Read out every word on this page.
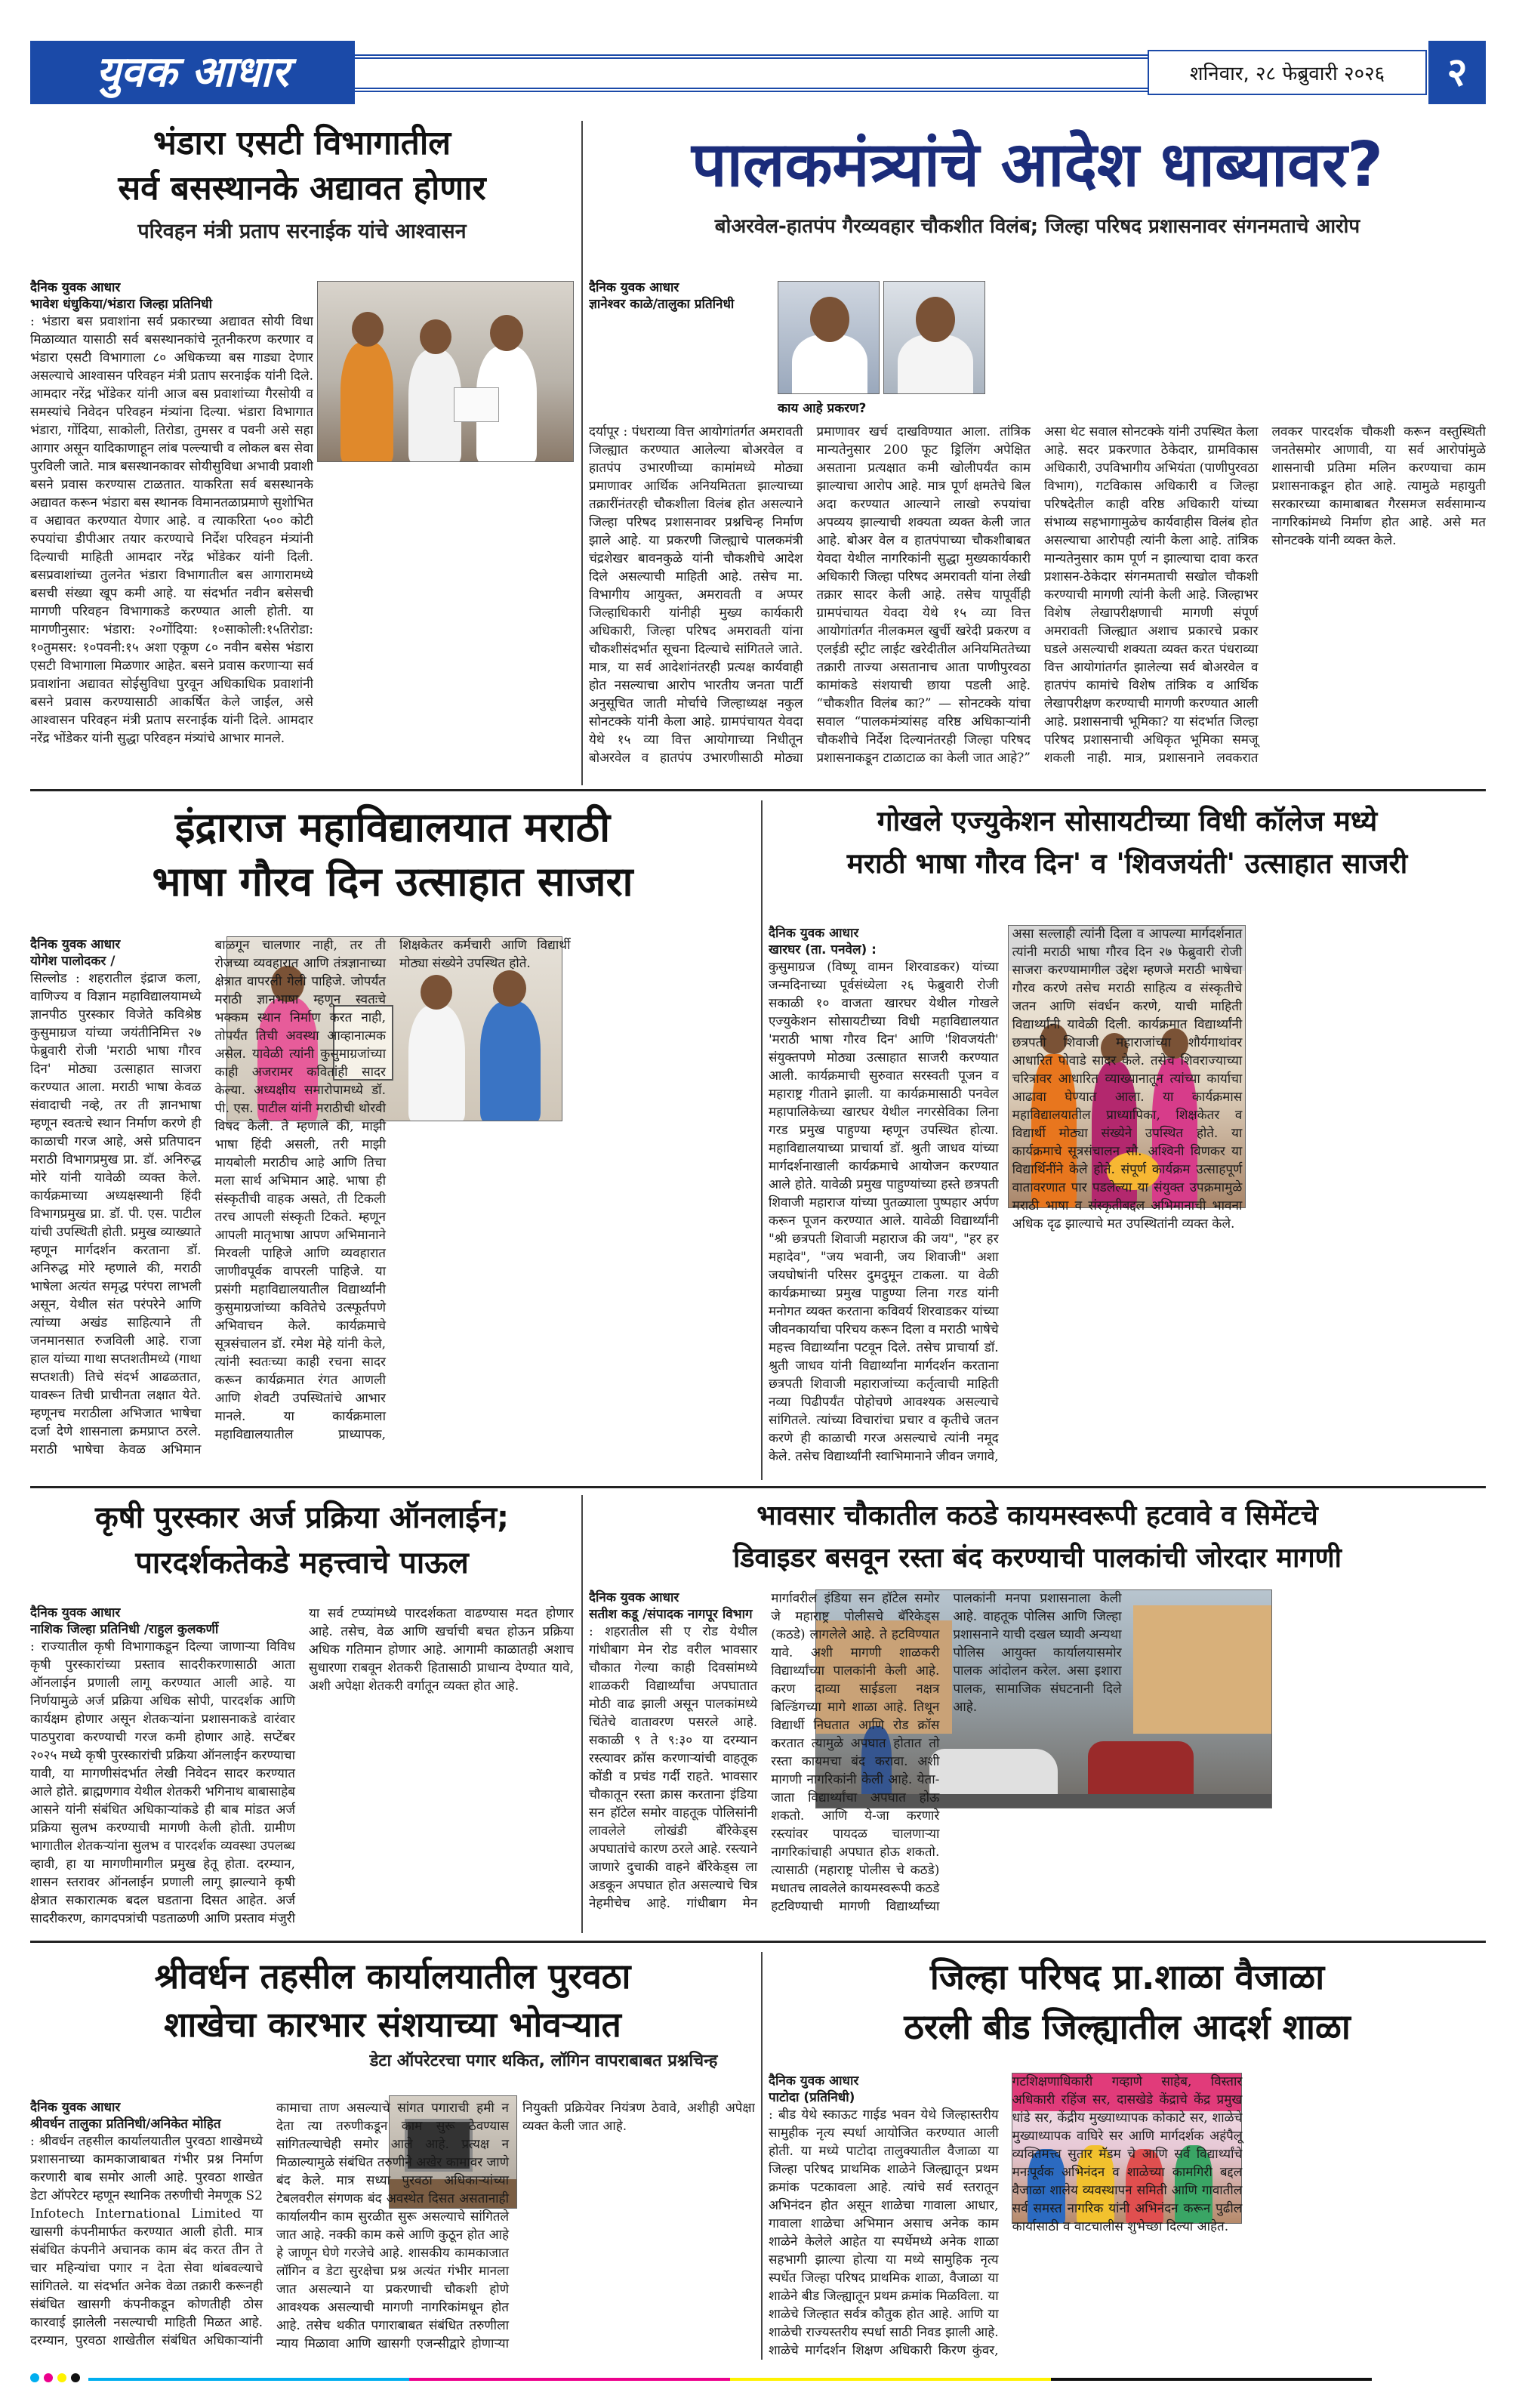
युवक आधार	शनिवार, २८ फेब्रुवारी २०२६	२
भंडारा एसटी विभागातील
सर्व बसस्थानके अद्यावत होणार
परिवहन मंत्री प्रताप सरनाईक यांचे आश्वासन
दैनिक युवक आधार
भावेश धंधुकिया/भंडारा जिल्हा प्रतिनिधी
: भंडारा बस प्रवाशांना सर्व प्रकारच्या अद्यावत सोयी विधा मिळाव्यात यासाठी सर्व बसस्थानकांचे नूतनीकरण करणार व भंडारा एसटी विभागाला ८० अधिकच्या बस गाड्या देणार असल्याचे आश्वासन परिवहन मंत्री प्रताप सरनाईक यांनी दिले. आमदार नरेंद्र भोंडेकर यांनी आज बस प्रवाशांच्या गैरसोयी व समस्यांचे निवेदन परिवहन मंत्र्यांना दिल्या. भंडारा विभागात भंडारा, गोंदिया, साकोली, तिरोडा, तुमसर व पवनी असे सहा आगार असून यादिकाणाहून लांब पल्ल्याची व लोकल बस सेवा पुरविली जाते. मात्र बसस्थानकावर सोयीसुविधा अभावी प्रवाशी बसने प्रवास करण्यास टाळतात. याकरिता सर्व बसस्थानके अद्यावत करून भंडारा बस स्थानक विमानतळाप्रमाणे सुशोभित व अद्यावत करण्यात येणार आहे. व त्याकरिता ५०० कोटी रुपयांचा डीपीआर तयार करण्याचे निर्देश परिवहन मंत्र्यांनी दिल्याची माहिती आमदार नरेंद्र भोंडेकर यांनी दिली. बसप्रवाशांच्या तुलनेत भंडारा विभागातील बस आगारामध्ये बसची संख्या खूप कमी आहे. या संदर्भात नवीन बसेसची मागणी परिवहन विभागाकडे करण्यात आली होती. या मागणीनुसार: भंडारा: २०गोंदिया: १०साकोली:१५तिरोडा: १०तुमसर: १०पवनी:१५ अशा एकूण ८० नवीन बसेस भंडारा एसटी विभागाला मिळणार आहेत. बसने प्रवास करणाऱ्या सर्व प्रवाशांना अद्यावत सोईसुविधा पुरवून अधिकाधिक प्रवाशांनी बसने प्रवास करण्यासाठी आकर्षित केले जाईल, असे आश्वासन परिवहन मंत्री प्रताप सरनाईक यांनी दिले. आमदार नरेंद्र भोंडेकर यांनी सुद्धा परिवहन मंत्र्यांचे आभार मानले.
पालकमंत्र्यांचे आदेश धाब्यावर?
बोअरवेल-हातपंप गैरव्यवहार चौकशीत विलंब; जिल्हा परिषद प्रशासनावर संगनमताचे आरोप
दैनिक युवक आधार
ज्ञानेश्वर काळे/तालुका प्रतिनिधी
काय आहे प्रकरण?
दर्यापूर : पंधराव्या वित्त आयोगांतर्गत अमरावती जिल्ह्यात करण्यात आलेल्या बोअरवेल व हातपंप उभारणीच्या कामांमध्ये मोठ्या प्रमाणावर आर्थिक अनियमितता झाल्याच्या तक्रारींनंतरही चौकशीला विलंब होत असल्याने जिल्हा परिषद प्रशासनावर प्रश्नचिन्ह निर्माण झाले आहे. या प्रकरणी जिल्ह्याचे पालकमंत्री चंद्रशेखर बावनकुळे यांनी चौकशीचे आदेश दिले असल्याची माहिती आहे. तसेच मा. विभागीय आयुक्त, अमरावती व अप्पर जिल्हाधिकारी यांनीही मुख्य कार्यकारी अधिकारी, जिल्हा परिषद अमरावती यांना चौकशीसंदर्भात सूचना दिल्याचे सांगितले जाते. मात्र, या सर्व आदेशांनंतरही प्रत्यक्ष कार्यवाही होत नसल्याचा आरोप भारतीय जनता पार्टी अनुसूचित जाती मोर्चाचे जिल्हाध्यक्ष नकुल सोनटक्के यांनी केला आहे. ग्रामपंचायत येवदा येथे १५ व्या वित्त आयोगाच्या निधीतून बोअरवेल व हातपंप उभारणीसाठी मोठ्या प्रमाणावर खर्च दाखविण्यात आला. तांत्रिक मान्यतेनुसार 200 फूट ड्रिलिंग अपेक्षित असताना प्रत्यक्षात कमी खोलीपर्यंत काम झाल्याचा आरोप आहे. मात्र पूर्ण क्षमतेचे बिल अदा करण्यात आल्याने लाखो रुपयांचा अपव्यय झाल्याची शक्यता व्यक्त केली जात आहे. बोअर वेल व हातपंपाच्या चौकशीबाबत येवदा येथील नागरिकांनी सुद्धा मुख्यकार्यकारी अधिकारी जिल्हा परिषद अमरावती यांना लेखी तक्रार सादर केली आहे. तसेच यापूर्वीही ग्रामपंचायत येवदा येथे १५ व्या वित्त आयोगांतर्गत नीलकमल खुर्ची खरेदी प्रकरण व एलईडी स्ट्रीट लाईट खरेदीतील अनियमिततेच्या तक्रारी ताज्या असतानाच आता पाणीपुरवठा कामांकडे संशयाची छाया पडली आहे. “चौकशीत विलंब का?” — सोनटक्के यांचा सवाल “पालकमंत्र्यांसह वरिष्ठ अधिकाऱ्यांनी चौकशीचे निर्देश दिल्यानंतरही जिल्हा परिषद प्रशासनाकडून टाळाटाळ का केली जात आहे?” असा थेट सवाल सोनटक्के यांनी उपस्थित केला आहे. सदर प्रकरणात ठेकेदार, ग्रामविकास अधिकारी, उपविभागीय अभियंता (पाणीपुरवठा विभाग), गटविकास अधिकारी व जिल्हा परिषदेतील काही वरिष्ठ अधिकारी यांच्या संभाव्य सहभागामुळेच कार्यवाहीस विलंब होत असल्याचा आरोपही त्यांनी केला आहे. तांत्रिक मान्यतेनुसार काम पूर्ण न झाल्याचा दावा करत प्रशासन-ठेकेदार संगनमताची सखोल चौकशी करण्याची मागणी त्यांनी केली आहे. जिल्हाभर विशेष लेखापरीक्षणाची मागणी संपूर्ण अमरावती जिल्ह्यात अशाच प्रकारचे प्रकार घडले असल्याची शक्यता व्यक्त करत पंधराव्या वित्त आयोगांतर्गत झालेल्या सर्व बोअरवेल व हातपंप कामांचे विशेष तांत्रिक व आर्थिक लेखापरीक्षण करण्याची मागणी करण्यात आली आहे. प्रशासनाची भूमिका? या संदर्भात जिल्हा परिषद प्रशासनाची अधिकृत भूमिका समजू शकली नाही. मात्र, प्रशासनाने लवकरात लवकर पारदर्शक चौकशी करून वस्तुस्थिती जनतेसमोर आणावी, या सर्व आरोपांमुळे शासनाची प्रतिमा मलिन करण्याचा काम प्रशासनाकडून होत आहे. त्यामुळे महायुती सरकारच्या कामाबाबत गैरसमज सर्वसामान्य नागरिकांमध्ये निर्माण होत आहे. असे मत सोनटक्के यांनी व्यक्त केले.
इंद्राराज महाविद्यालयात मराठी
भाषा गौरव दिन उत्साहात साजरा
दैनिक युवक आधार
योगेश पालोदकर /
सिल्लोड : शहरातील इंद्राज कला, वाणिज्य व विज्ञान महाविद्यालयामध्ये ज्ञानपीठ पुरस्कार विजेते कविश्रेष्ठ कुसुमाग्रज यांच्या जयंतीनिमित्त २७ फेब्रुवारी रोजी 'मराठी भाषा गौरव दिन' मोठ्या उत्साहात साजरा करण्यात आला. मराठी भाषा केवळ संवादाची नव्हे, तर ती ज्ञानभाषा म्हणून स्वतःचे स्थान निर्माण करणे ही काळाची गरज आहे, असे प्रतिपादन मराठी विभागप्रमुख प्रा. डॉ. अनिरुद्ध मोरे यांनी यावेळी व्यक्त केले. कार्यक्रमाच्या अध्यक्षस्थानी हिंदी विभागप्रमुख प्रा. डॉ. पी. एस. पाटील यांची उपस्थिती होती. प्रमुख व्याख्याते म्हणून मार्गदर्शन करताना डॉ. अनिरुद्ध मोरे म्हणाले की, मराठी भाषेला अत्यंत समृद्ध परंपरा लाभली असून, येथील संत परंपरेने आणि त्यांच्या अखंड साहित्याने ती जनमानसात रुजविली आहे. राजा हाल यांच्या गाथा सप्तशतीमध्ये (गाथा सप्तशती) तिचे संदर्भ आढळतात, यावरून तिची प्राचीनता लक्षात येते. म्हणूनच मराठीला अभिजात भाषेचा दर्जा देणे शासनाला क्रमप्राप्त ठरले. मराठी भाषेचा केवळ अभिमान बाळगून चालणार नाही, तर ती रोजच्या व्यवहारात आणि तंत्रज्ञानाच्या क्षेत्रात वापरली गेली पाहिजे. जोपर्यंत मराठी ज्ञानभाषा म्हणून स्वतःचे भक्कम स्थान निर्माण करत नाही, तोपर्यंत तिची अवस्था आव्हानात्मक असेल. यावेळी त्यांनी कुसुमाग्रजांच्या काही अजरामर कवितांही सादर केल्या. अध्यक्षीय समारोपामध्ये डॉ. पी. एस. पाटील यांनी मराठीची थोरवी विषद केली. ते म्हणाले की, माझी भाषा हिंदी असली, तरी माझी मायबोली मराठीच आहे आणि तिचा मला सार्थ अभिमान आहे. भाषा ही संस्कृतीची वाहक असते, ती टिकली तरच आपली संस्कृती टिकते. म्हणून आपली मातृभाषा आपण अभिमानाने मिरवली पाहिजे आणि व्यवहारात जाणीवपूर्वक वापरली पाहिजे. या प्रसंगी महाविद्यालयातील विद्यार्थ्यांनी कुसुमाग्रजांच्या कवितेचे उत्स्फूर्तपणे अभिवाचन केले. कार्यक्रमाचे सूत्रसंचालन डॉ. रमेश मेहे यांनी केले, त्यांनी स्वतःच्या काही रचना सादर करून कार्यक्रमात रंगत आणली आणि शेवटी उपस्थितांचे आभार मानले. या कार्यक्रमाला महाविद्यालयातील प्राध्यापक, शिक्षकेतर कर्मचारी आणि विद्यार्थी मोठ्या संख्येने उपस्थित होते.
गोखले एज्युकेशन सोसायटीच्या विधी कॉलेज मध्ये
मराठी भाषा गौरव दिन' व 'शिवजयंती' उत्साहात साजरी
दैनिक युवक आधार
खारघर (ता. पनवेल) :
कुसुमाग्रज (विष्णू वामन शिरवाडकर) यांच्या जन्मदिनाच्या पूर्वसंध्येला २६ फेब्रुवारी रोजी सकाळी १० वाजता खारघर येथील गोखले एज्युकेशन सोसायटीच्या विधी महाविद्यालयात 'मराठी भाषा गौरव दिन' आणि 'शिवजयंती' संयुक्तपणे मोठ्या उत्साहात साजरी करण्यात आली. कार्यक्रमाची सुरुवात सरस्वती पूजन व महाराष्ट्र गीताने झाली. या कार्यक्रमासाठी पनवेल महापालिकेच्या खारघर येथील नगरसेविका लिना गरड प्रमुख पाहुण्या म्हणून उपस्थित होत्या. महाविद्यालयाच्या प्राचार्या डॉ. श्रुती जाधव यांच्या मार्गदर्शनाखाली कार्यक्रमाचे आयोजन करण्यात आले होते. यावेळी प्रमुख पाहुण्यांच्या हस्ते छत्रपती शिवाजी महाराज यांच्या पुतळ्याला पुष्पहार अर्पण करून पूजन करण्यात आले. यावेळी विद्यार्थ्यांनी "श्री छत्रपती शिवाजी महाराज की जय", "हर हर महादेव", "जय भवानी, जय शिवाजी" अशा जयघोषांनी परिसर दुमदुमून टाकला. या वेळी कार्यक्रमाच्या प्रमुख पाहुण्या लिना गरड यांनी मनोगत व्यक्त करताना कविवर्य शिरवाडकर यांच्या जीवनकार्याचा परिचय करून दिला व मराठी भाषेचे महत्त्व विद्यार्थ्यांना पटवून दिले. तसेच प्राचार्या डॉ. श्रुती जाधव यांनी विद्यार्थ्यांना मार्गदर्शन करताना छत्रपती शिवाजी महाराजांच्या कर्तृत्वाची माहिती नव्या पिढीपर्यंत पोहोचणे आवश्यक असल्याचे सांगितले. त्यांच्या विचारांचा प्रचार व कृतीचे जतन करणे ही काळाची गरज असल्याचे त्यांनी नमूद केले. तसेच विद्यार्थ्यांनी स्वाभिमानाने जीवन जगावे, असा सल्लाही त्यांनी दिला व आपल्या मार्गदर्शनात त्यांनी मराठी भाषा गौरव दिन २७ फेब्रुवारी रोजी साजरा करण्यामागील उद्देश म्हणजे मराठी भाषेचा गौरव करणे तसेच मराठी साहित्य व संस्कृतीचे जतन आणि संवर्धन करणे, याची माहिती विद्यार्थ्यांनी यावेळी दिली. कार्यक्रमात विद्यार्थ्यांनी छत्रपती शिवाजी महाराजांच्या शौर्यगाथांवर आधारित पोवाडे सादर केले. तसेच शिवराज्याच्या चरित्रावर आधारित व्याख्यानातून त्यांच्या कार्याचा आढावा घेण्यात आला. या कार्यक्रमास महाविद्यालयातील प्राध्यापिका, शिक्षकेतर व विद्यार्थी मोठ्या संख्येने उपस्थित होते. या कार्यक्रमाचे सूत्रसंचालन सौ. अश्विनी विणकर या विद्यार्थिनींने केले होते. संपूर्ण कार्यक्रम उत्साहपूर्ण वातावरणात पार पडलेल्या या संयुक्त उपक्रमामुळे मराठी भाषा व संस्कृतीबद्दल अभिमानाची भावना अधिक दृढ झाल्याचे मत उपस्थितांनी व्यक्त केले.
कृषी पुरस्कार अर्ज प्रक्रिया ऑनलाईन;
पारदर्शकतेकडे महत्त्वाचे पाऊल
दैनिक युवक आधार
नाशिक जिल्हा प्रतिनिधी /राहुल कुलकर्णी
: राज्यातील कृषी विभागाकडून दिल्या जाणाऱ्या विविध कृषी पुरस्कारांच्या प्रस्ताव सादरीकरणासाठी आता ऑनलाईन प्रणाली लागू करण्यात आली आहे. या निर्णयामुळे अर्ज प्रक्रिया अधिक सोपी, पारदर्शक आणि कार्यक्षम होणार असून शेतकऱ्यांना प्रशासनाकडे वारंवार पाठपुरावा करण्याची गरज कमी होणार आहे. सप्टेंबर २०२५ मध्ये कृषी पुरस्कारांची प्रक्रिया ऑनलाईन करण्याचा यावी, या मागणीसंदर्भात लेखी निवेदन सादर करण्यात आले होते. ब्राह्मणगाव येथील शेतकरी भगिनाथ बाबासाहेब आसने यांनी संबंधित अधिकाऱ्यांकडे ही बाब मांडत अर्ज प्रक्रिया सुलभ करण्याची मागणी केली होती. ग्रामीण भागातील शेतकऱ्यांना सुलभ व पारदर्शक व्यवस्था उपलब्ध व्हावी, हा या मागणीमागील प्रमुख हेतू होता. दरम्यान, शासन स्तरावर ऑनलाईन प्रणाली लागू झाल्याने कृषी क्षेत्रात सकारात्मक बदल घडताना दिसत आहेत. अर्ज सादरीकरण, कागदपत्रांची पडताळणी आणि प्रस्ताव मंजुरी या सर्व टप्प्यांमध्ये पारदर्शकता वाढण्यास मदत होणार आहे. तसेच, वेळ आणि खर्चाची बचत होऊन प्रक्रिया अधिक गतिमान होणार आहे. आगामी काळातही अशाच सुधारणा राबवून शेतकरी हितासाठी प्राधान्य देण्यात यावे, अशी अपेक्षा शेतकरी वर्गातून व्यक्त होत आहे.
भावसार चौकातील कठडे कायमस्वरूपी हटवावे व सिमेंटचे
डिवाइडर बसवून रस्ता बंद करण्याची पालकांची जोरदार मागणी
दैनिक युवक आधार
सतीश कडू /संपादक नागपूर विभाग
: शहरातील सी ए रोड येथील गांधीबाग मेन रोड वरील भावसार चौकात गेल्या काही दिवसांमध्ये शाळकरी विद्यार्थ्यांचा अपघातात मोठी वाढ झाली असून पालकांमध्ये चिंतेचे वातावरण पसरले आहे. सकाळी ९ ते ९:३० या दरम्यान रस्त्यावर क्रॉस करणाऱ्यांची वाहतूक कोंडी व प्रचंड गर्दी राहते. भावसार चौकातून रस्ता क्रास करताना इंडिया सन हॉटेल समोर वाहतूक पोलिसांनी लावलेले लोखंडी बॅरिकेड्स अपघातांचे कारण ठरले आहे. रस्त्याने जाणारे दुचाकी वाहने बॅरिकेड्स ला अडकून अपघात होत असल्याचे चित्र नेहमीचेच आहे. गांधीबाग मेन मार्गावरील इंडिया सन हॉटेल समोर जे महाराष्ट्र पोलीसचे बॅरिकेड्स (कठडे) लागलेले आहे. ते हटविण्यात यावे. अशी मागणी शाळकरी विद्यार्थ्यांच्या पालकांनी केली आहे. करण दाव्या साईडला नक्षत्र बिल्डिंगच्या मागे शाळा आहे. तिथून विद्यार्थी निघतात आणि रोड क्रॉस करतात त्यामुळे अपघात होतात तो रस्ता कायमचा बंद करावा. अशी मागणी नागरिकांनी केली आहे. येता-जाता विद्यार्थ्यांचा अपघात होऊ शकतो. आणि ये-जा करणारे रस्त्यांवर पायदळ चालणाऱ्या नागरिकांचाही अपघात होऊ शकतो. त्यासाठी (महाराष्ट्र पोलीस चे कठडे) मधातच लावलेले कायमस्वरूपी कठडे हटविण्याची मागणी विद्यार्थ्यांच्या पालकांनी मनपा प्रशासनाला केली आहे. वाहतूक पोलिस आणि जिल्हा प्रशासनाने याची दखल घ्यावी अन्यथा पोलिस आयुक्त कार्यालयासमोर पालक आंदोलन करेल. असा इशारा पालक, सामाजिक संघटनानी दिले आहे.
श्रीवर्धन तहसील कार्यालयातील पुरवठा
शाखेचा कारभार संशयाच्या भोवऱ्यात
डेटा ऑपरेटरचा पगार थकित, लॉगिन वापराबाबत प्रश्नचिन्ह
दैनिक युवक आधार
श्रीवर्धन तालुका प्रतिनिधी/अनिकेत मोहित
: श्रीवर्धन तहसील कार्यालयातील पुरवठा शाखेमध्ये प्रशासनाच्या कामकाजाबाबत गंभीर प्रश्न निर्माण करणारी बाब समोर आली आहे. पुरवठा शाखेत डेटा ऑपरेटर म्हणून स्थानिक तरुणीची नेमणूक S2 Infotech International Limited या खासगी कंपनीमार्फत करण्यात आली होती. मात्र संबंधित कंपनीने अचानक काम बंद करत तीन ते चार महिन्यांचा पगार न देता सेवा थांबवल्याचे सांगितले. या संदर्भात अनेक वेळा तक्रारी करूनही संबंधित खासगी कंपनीकडून कोणतीही ठोस कारवाई झालेली नसल्याची माहिती मिळत आहे. दरम्यान, पुरवठा शाखेतील संबंधित अधिकाऱ्यांनी कामाचा ताण असल्याचे सांगत पगाराची हमी न देता त्या तरुणीकडून काम सुरू ठेवण्यास सांगितल्याचेही समोर आले आहे. प्रत्यक्ष न मिळाल्यामुळे संबंधित तरुणीने अखेर कामावर जाणे बंद केले. मात्र सध्या पुरवठा अधिकाऱ्यांच्या टेबलवरील संगणक बंद अवस्थेत दिसत असतानाही कार्यालयीन काम सुरळीत सुरू असल्याचे सांगितले जात आहे. नक्की काम कसे आणि कुठून होत आहे हे जाणून घेणे गरजेचे आहे. शासकीय कामकाजात लॉगिन व डेटा सुरक्षेचा प्रश्न अत्यंत गंभीर मानला जात असल्याने या प्रकरणाची चौकशी होणे आवश्यक असल्याची मागणी नागरिकांमधून होत आहे. तसेच थकीत पगाराबाबत संबंधित तरुणीला न्याय मिळावा आणि खासगी एजन्सीद्वारे होणाऱ्या नियुक्ती प्रक्रियेवर नियंत्रण ठेवावे, अशीही अपेक्षा व्यक्त केली जात आहे.
जिल्हा परिषद प्रा.शाळा वैजाळा
ठरली बीड जिल्ह्यातील आदर्श शाळा
दैनिक युवक आधार
पाटोदा (प्रतिनिधी)
: बीड येथे स्काऊट गाईड भवन येथे जिल्हास्तरीय सामुहीक नृत्य स्पर्धा आयोजित करण्यात आली होती. या मध्ये पाटोदा तालुक्यातील वैजाळा या जिल्हा परिषद प्राथमिक शाळेने जिल्ह्यातून प्रथम क्रमांक पटकावला आहे. त्यांचे सर्व स्तरातून अभिनंदन होत असून शाळेचा गावाला आधार, गावाला शाळेचा अभिमान असाच अनेक काम शाळेने केलेले आहेत या स्पर्धेमध्ये अनेक शाळा सहभागी झाल्या होत्या या मध्ये सामुहिक नृत्य स्पर्धेत जिल्हा परिषद प्राथमिक शाळा, वैजाळा या शाळेने बीड जिल्ह्यातून प्रथम क्रमांक मिळविला. या शाळेचे जिल्हात सर्वत्र कौतुक होत आहे. आणि या शाळेची राज्यस्तरीय स्पर्धा साठी निवड झाली आहे. शाळेचे मार्गदर्शन शिक्षण अधिकारी किरण कुंवर, गटशिक्षणाधिकारी गव्हाणे साहेब, विस्तार अधिकारी रहिंज सर, दासखेडे केंद्राचे केंद्र प्रमुख धांडे सर, केंद्रीय मुख्याध्यापक कोकाटे सर, शाळेचे मुख्याध्यापक वाघिरे सर आणि मार्गदर्शक अहंपैलू व्यक्तिमत्त्व सुतार मॅडम चे आणि सर्व विद्यार्थ्यांचे मनःपूर्वक अभिनंदन व शाळेच्या कामगिरी बद्दल वैजाळा शालेय व्यवस्थापन समिती आणि गावातील सर्व समस्त नागरिक यांनी अभिनंदन करून पुढील कार्यासाठी व वाटचालीस शुभेच्छा दिल्या आहेत.
